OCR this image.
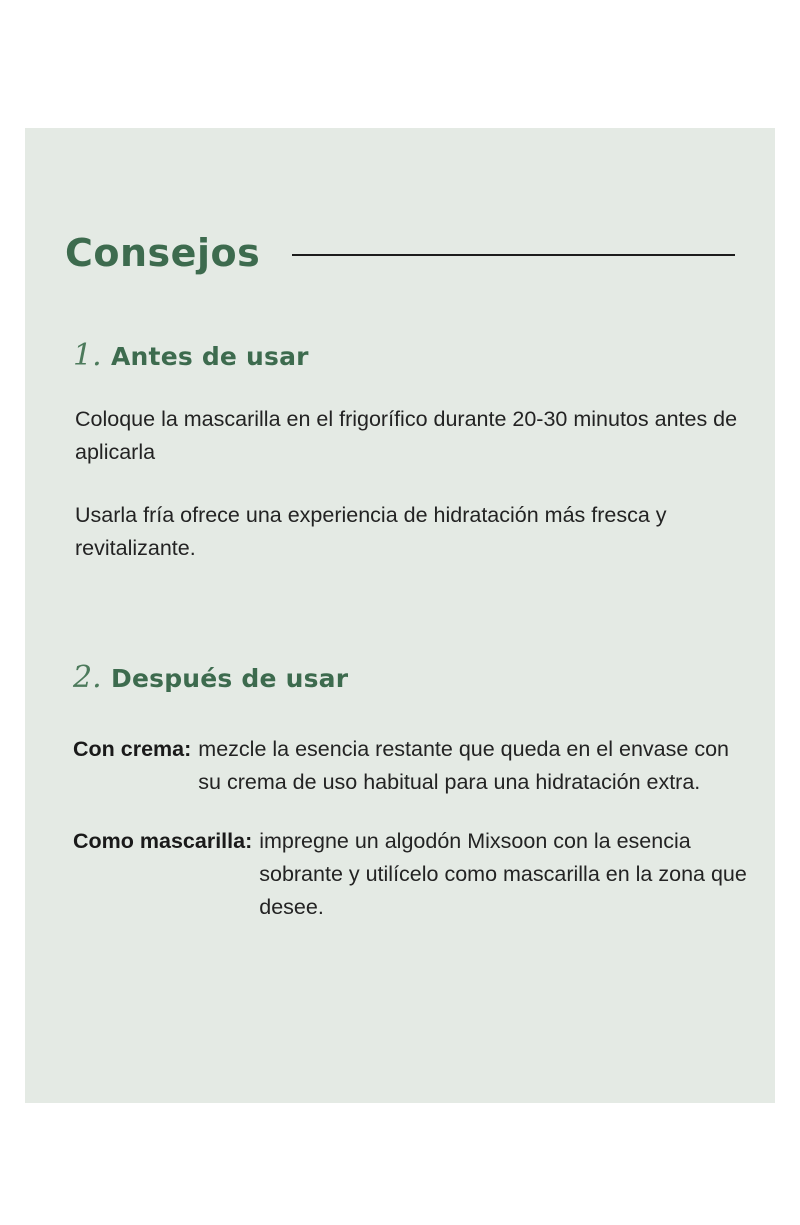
Consejos
1. Antes de usar
Coloque la mascarilla en el frigorífico durante 20-30 minutos antes de aplicarla
Usarla fría ofrece una experiencia de hidratación más fresca y revitalizante.
2. Después de usar
Con crema: mezcle la esencia restante que queda en el envase con su crema de uso habitual para una hidratación extra.
Como mascarilla: impregne un algodón Mixsoon con la esencia sobrante y utilícelo como mascarilla en la zona que desee.
